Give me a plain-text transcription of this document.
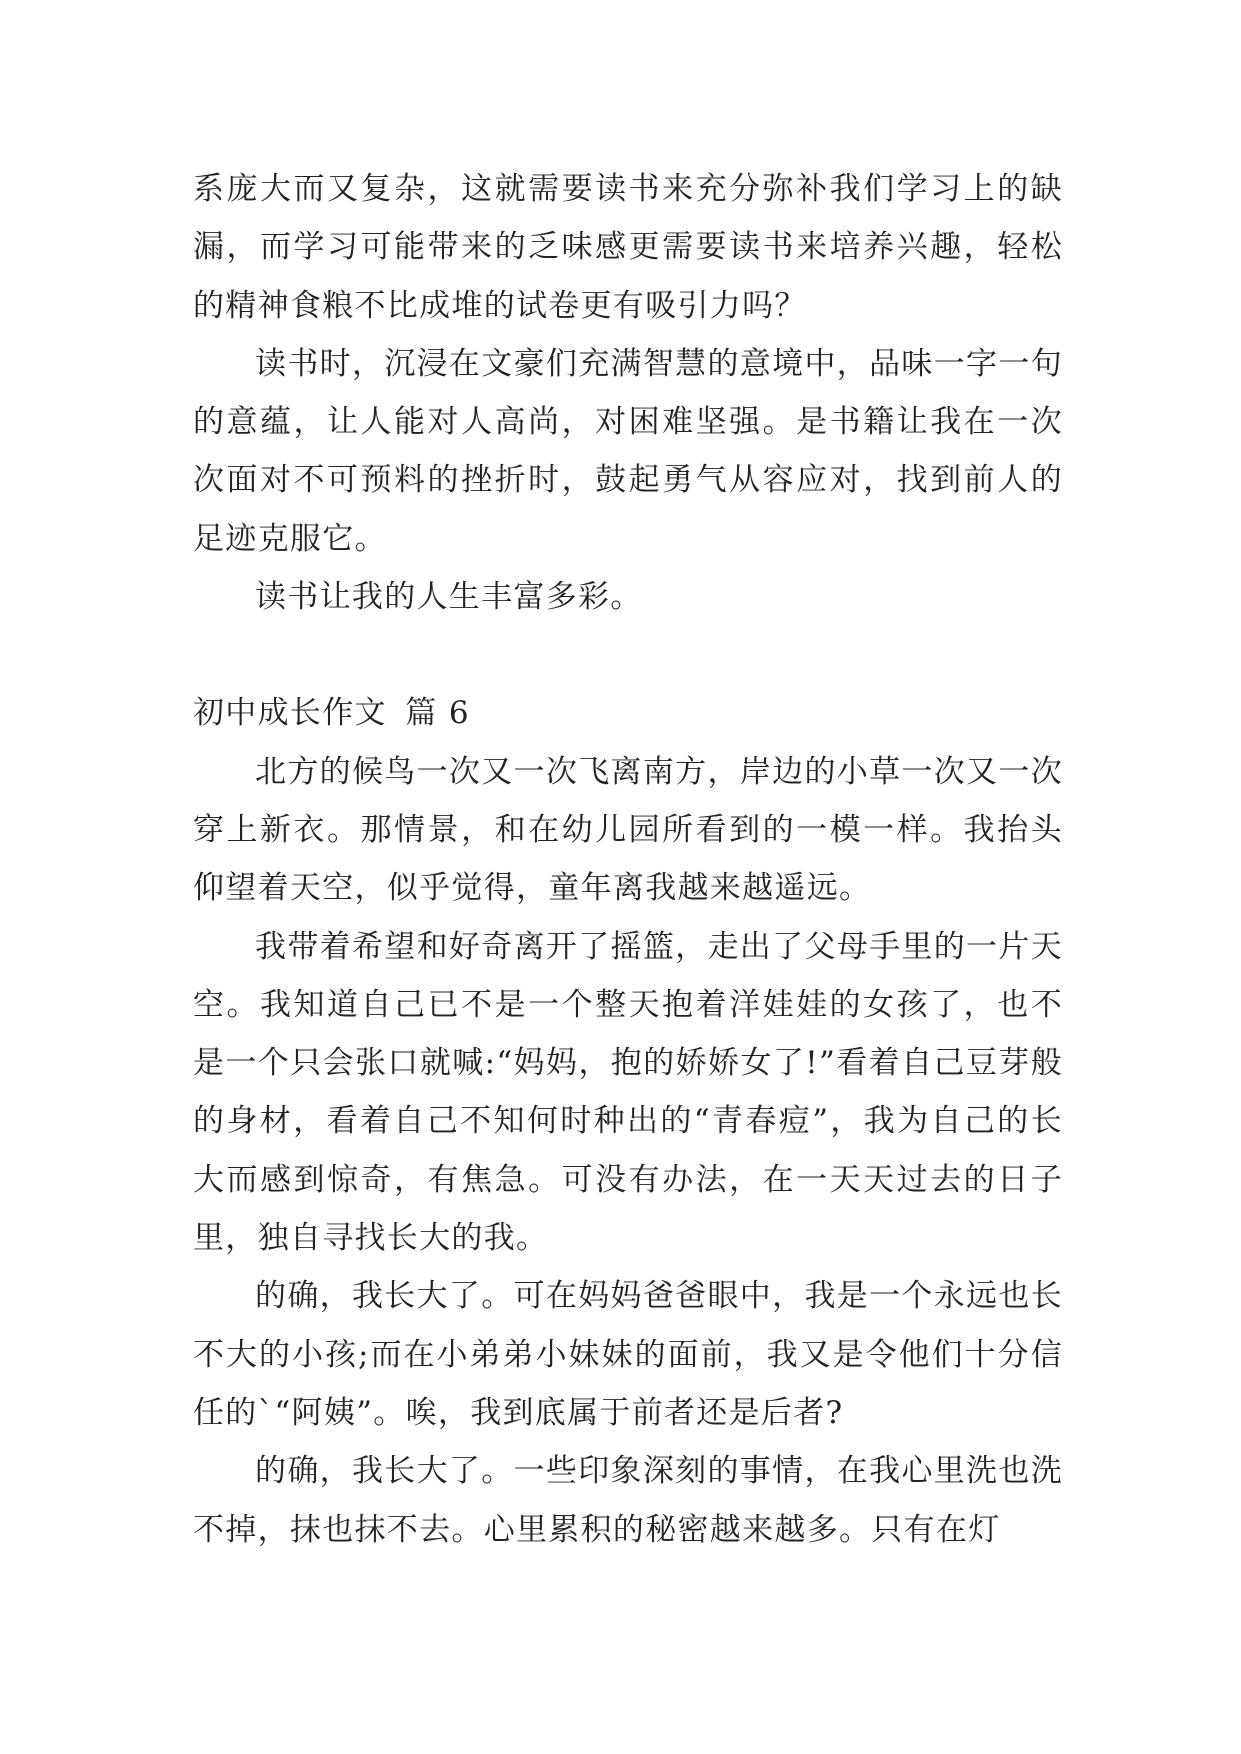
系庞大而又复杂，这就需要读书来充分弥补我们学习上的缺漏，而学习可能带来的乏味感更需要读书来培养兴趣，轻松的精神食粮不比成堆的试卷更有吸引力吗？

读书时，沉浸在文豪们充满智慧的意境中，品味一字一句的意蕴，让人能对人高尚，对困难坚强。是书籍让我在一次次面对不可预料的挫折时，鼓起勇气从容应对，找到前人的足迹克服它。

读书让我的人生丰富多彩。

初中成长作文 篇 6

北方的候鸟一次又一次飞离南方，岸边的小草一次又一次穿上新衣。那情景，和在幼儿园所看到的一模一样。我抬头仰望着天空，似乎觉得，童年离我越来越遥远。

我带着希望和好奇离开了摇篮，走出了父母手里的一片天空。我知道自己已不是一个整天抱着洋娃娃的女孩了，也不是一个只会张口就喊:“妈妈，抱的娇娇女了!”看着自己豆芽般的身材，看着自己不知何时种出的“青春痘”，我为自己的长大而感到惊奇，有焦急。可没有办法，在一天天过去的日子里，独自寻找长大的我。

的确，我长大了。可在妈妈爸爸眼中，我是一个永远也长不大的小孩;而在小弟弟小妹妹的面前，我又是令他们十分信任的`“阿姨”。唉，我到底属于前者还是后者?

的确，我长大了。一些印象深刻的事情，在我心里洗也洗不掉，抹也抹不去。心里累积的秘密越来越多。只有在灯
